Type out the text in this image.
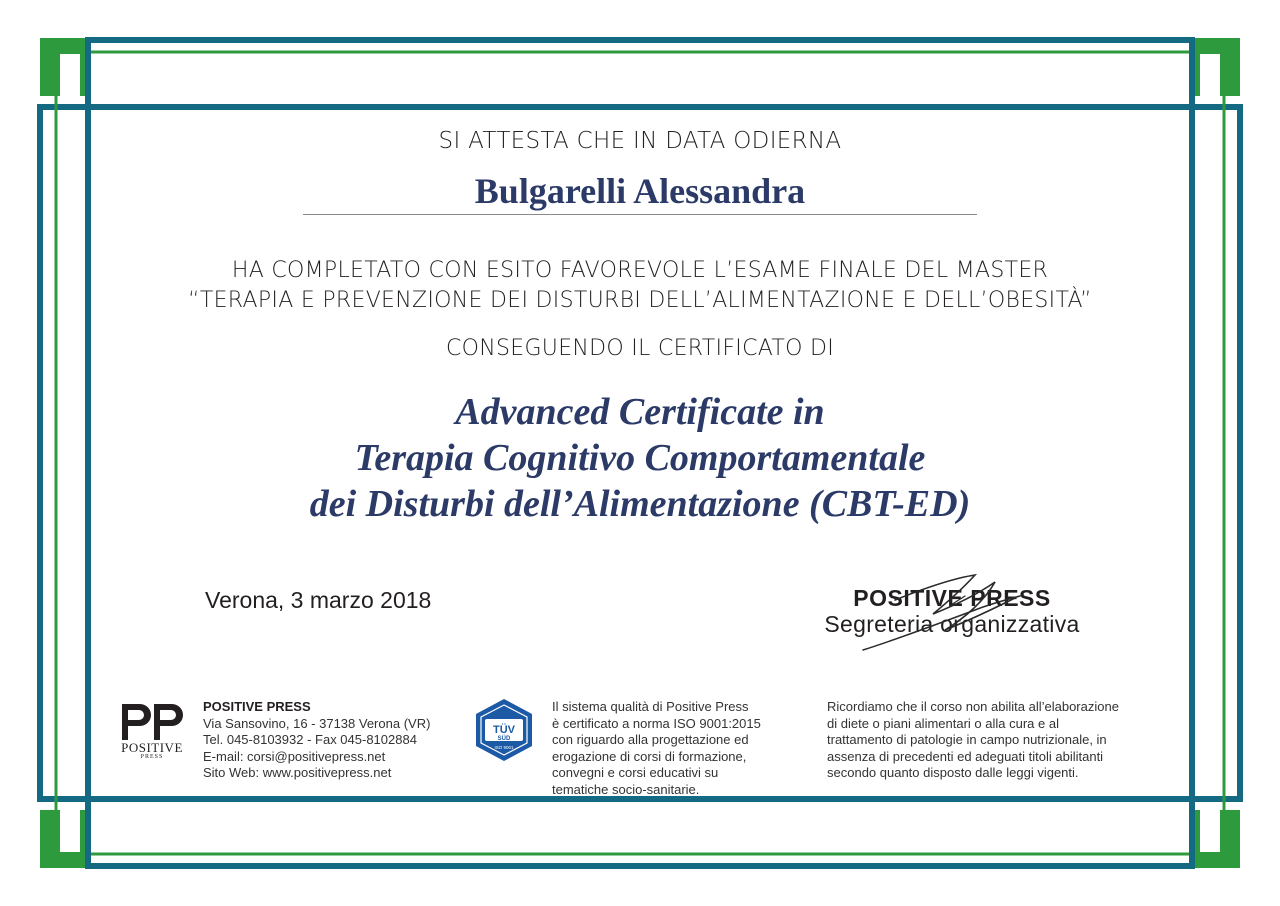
SI ATTESTA CHE IN DATA ODIERNA
Bulgarelli Alessandra
HA COMPLETATO CON ESITO FAVOREVOLE L’ESAME FINALE DEL MASTER
“TERAPIA E PREVENZIONE DEI DISTURBI DELL’ALIMENTAZIONE E DELL’OBESITÀ”
CONSEGUENDO IL CERTIFICATO DI
Advanced Certificate in
Terapia Cognitivo Comportamentale
dei Disturbi dell’Alimentazione (CBT-ED)
Verona, 3 marzo 2018	POSITIVE PRESS
Segreteria organizzativa
POSITIVE
PRESS
POSITIVE PRESS
Via Sansovino, 16 - 37138 Verona (VR)
Tel. 045-8103932 - Fax 045-8102884
E-mail: corsi@positivepress.net
Sito Web: www.positivepress.net
TÜV
SÜD
ISO 9001
Il sistema qualità di Positive Press
è certificato a norma ISO 9001:2015
con riguardo alla progettazione ed
erogazione di corsi di formazione,
convegni e corsi educativi su
tematiche socio-sanitarie.
Ricordiamo che il corso non abilita all’elaborazione
di diete o piani alimentari o alla cura e al
trattamento di patologie in campo nutrizionale, in
assenza di precedenti ed adeguati titoli abilitanti
secondo quanto disposto dalle leggi vigenti.
